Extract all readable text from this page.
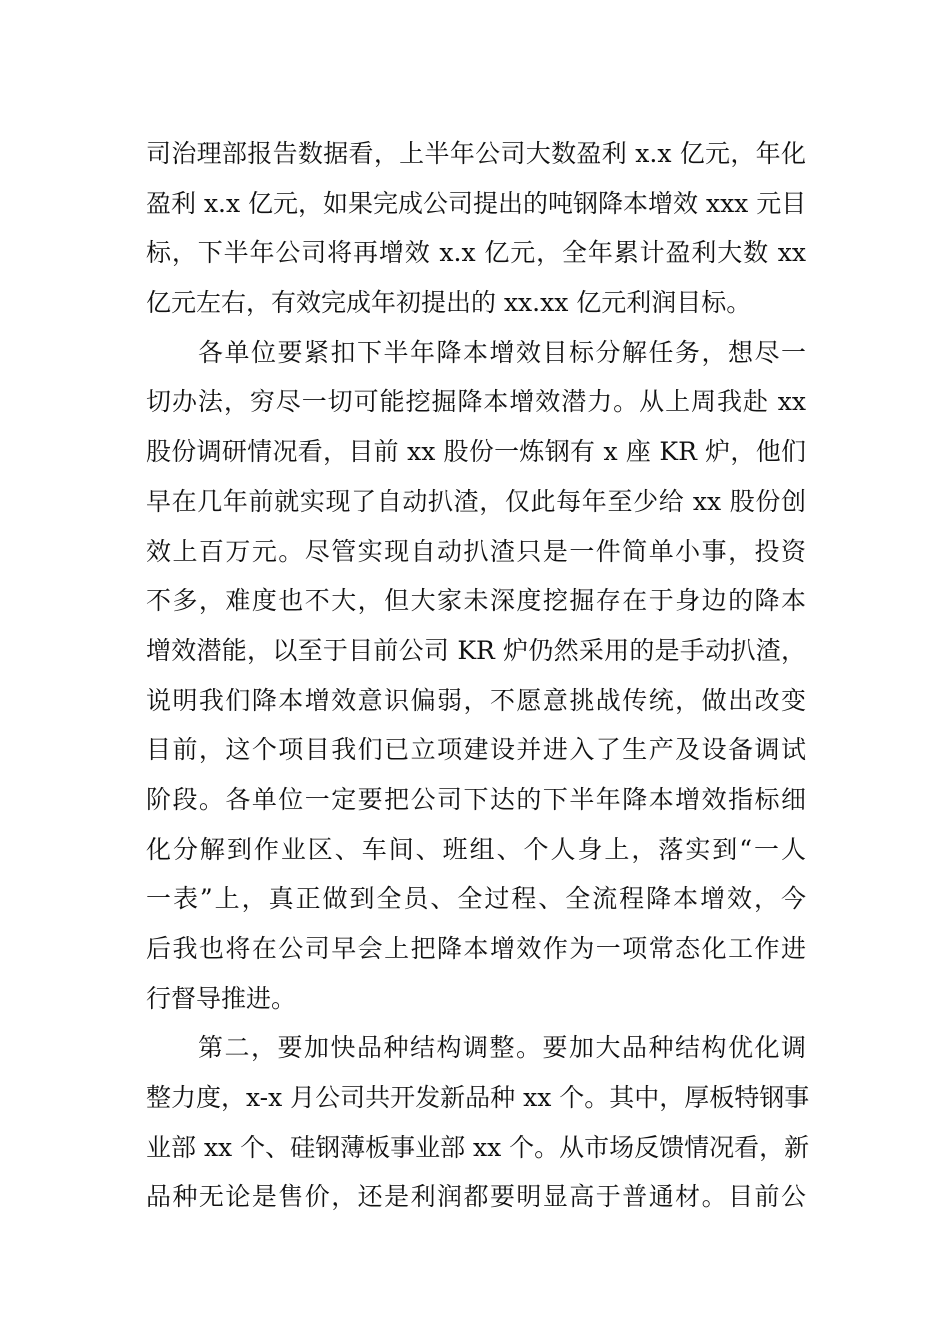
司治理部报告数据看，上半年公司大数盈利 x.x 亿元，年化
盈利 x.x 亿元，如果完成公司提出的吨钢降本增效 xxx 元目
标，下半年公司将再增效 x.x 亿元，全年累计盈利大数 xx
亿元左右，有效完成年初提出的 xx.xx 亿元利润目标。
各单位要紧扣下半年降本增效目标分解任务，想尽一
切办法，穷尽一切可能挖掘降本增效潜力。从上周我赴 xx
股份调研情况看，目前 xx 股份一炼钢有 x 座 KR 炉，他们
早在几年前就实现了自动扒渣，仅此每年至少给 xx 股份创
效上百万元。尽管实现自动扒渣只是一件简单小事，投资
不多，难度也不大，但大家未深度挖掘存在于身边的降本
增效潜能，以至于目前公司 KR 炉仍然采用的是手动扒渣，
说明我们降本增效意识偏弱，不愿意挑战传统，做出改变
目前，这个项目我们已立项建设并进入了生产及设备调试
阶段。各单位一定要把公司下达的下半年降本增效指标细
化分解到作业区、车间、班组、个人身上，落实到“一人
一表”上，真正做到全员、全过程、全流程降本增效，今
后我也将在公司早会上把降本增效作为一项常态化工作进
行督导推进。
第二，要加快品种结构调整。要加大品种结构优化调
整力度，x-x 月公司共开发新品种 xx 个。其中，厚板特钢事
业部 xx 个、硅钢薄板事业部 xx 个。从市场反馈情况看，新
品种无论是售价，还是利润都要明显高于普通材。目前公
